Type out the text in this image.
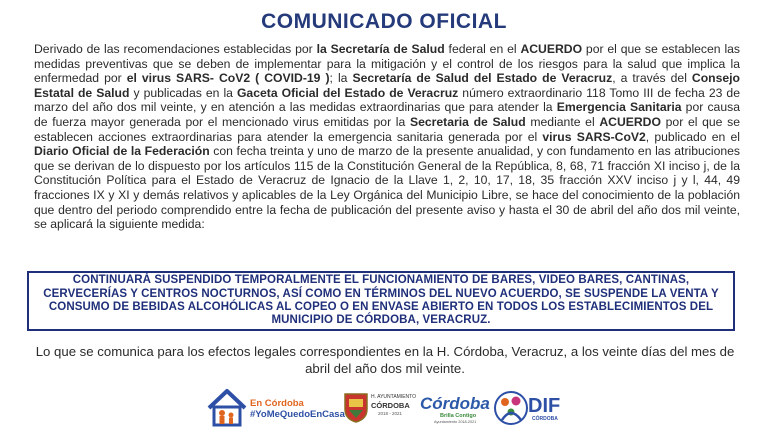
COMUNICADO OFICIAL
Derivado de las recomendaciones establecidas por la Secretaría de Salud federal en el ACUERDO por el que se establecen las medidas preventivas que se deben de implementar para la mitigación y el control de los riesgos para la salud que implica la enfermedad por el virus SARS- CoV2 ( COVID-19 ); la Secretaría de Salud del Estado de Veracruz, a través del Consejo Estatal de Salud y publicadas en la Gaceta Oficial del Estado de Veracruz número extraordinario 118 Tomo III de fecha 23 de marzo del año dos mil veinte, y en atención a las medidas extraordinarias que para atender la Emergencia Sanitaria por causa de fuerza mayor generada por el mencionado virus emitidas por la Secretaria de Salud mediante el ACUERDO por el que se establecen acciones extraordinarias para atender la emergencia sanitaria generada por el virus SARS-CoV2, publicado en el Diario Oficial de la Federación con fecha treinta y uno de marzo de la presente anualidad, y con fundamento en las atribuciones que se derivan de lo dispuesto por los artículos 115 de la Constitución General de la República, 8, 68, 71 fracción XI inciso j, de la Constitución Política para el Estado de Veracruz de Ignacio de la Llave 1, 2, 10, 17, 18, 35 fracción XXV inciso j y l, 44, 49 fracciones IX y XI y demás relativos y aplicables de la Ley Orgánica del Municipio Libre, se hace del conocimiento de la población que dentro del periodo comprendido entre la fecha de publicación del presente aviso y hasta el 30 de abril del año dos mil veinte, se aplicará la siguiente medida:
CONTINUARÁ SUSPENDIDO TEMPORALMENTE EL FUNCIONAMIENTO DE BARES, VIDEO BARES, CANTINAS, CERVECERÍAS Y CENTROS NOCTURNOS, ASÍ COMO EN TÉRMINOS DEL NUEVO ACUERDO, SE SUSPENDE LA VENTA Y CONSUMO DE BEBIDAS ALCOHÓLICAS AL COPEO O EN ENVASE ABIERTO EN TODOS LOS ESTABLECIMIENTOS DEL MUNICIPIO DE CÓRDOBA, VERACRUZ.
Lo que se comunica para los efectos legales correspondientes en la H. Córdoba, Veracruz, a los veinte días del mes de abril del año dos mil veinte.
En Córdoba
#YoMeQuedoEnCasa
H. AYUNTAMIENTO
CÓRDOBA
2018 - 2021
Córdoba
Brilla Contigo
Ayuntamiento 2018-2021
DIF
CÓRDOBA
